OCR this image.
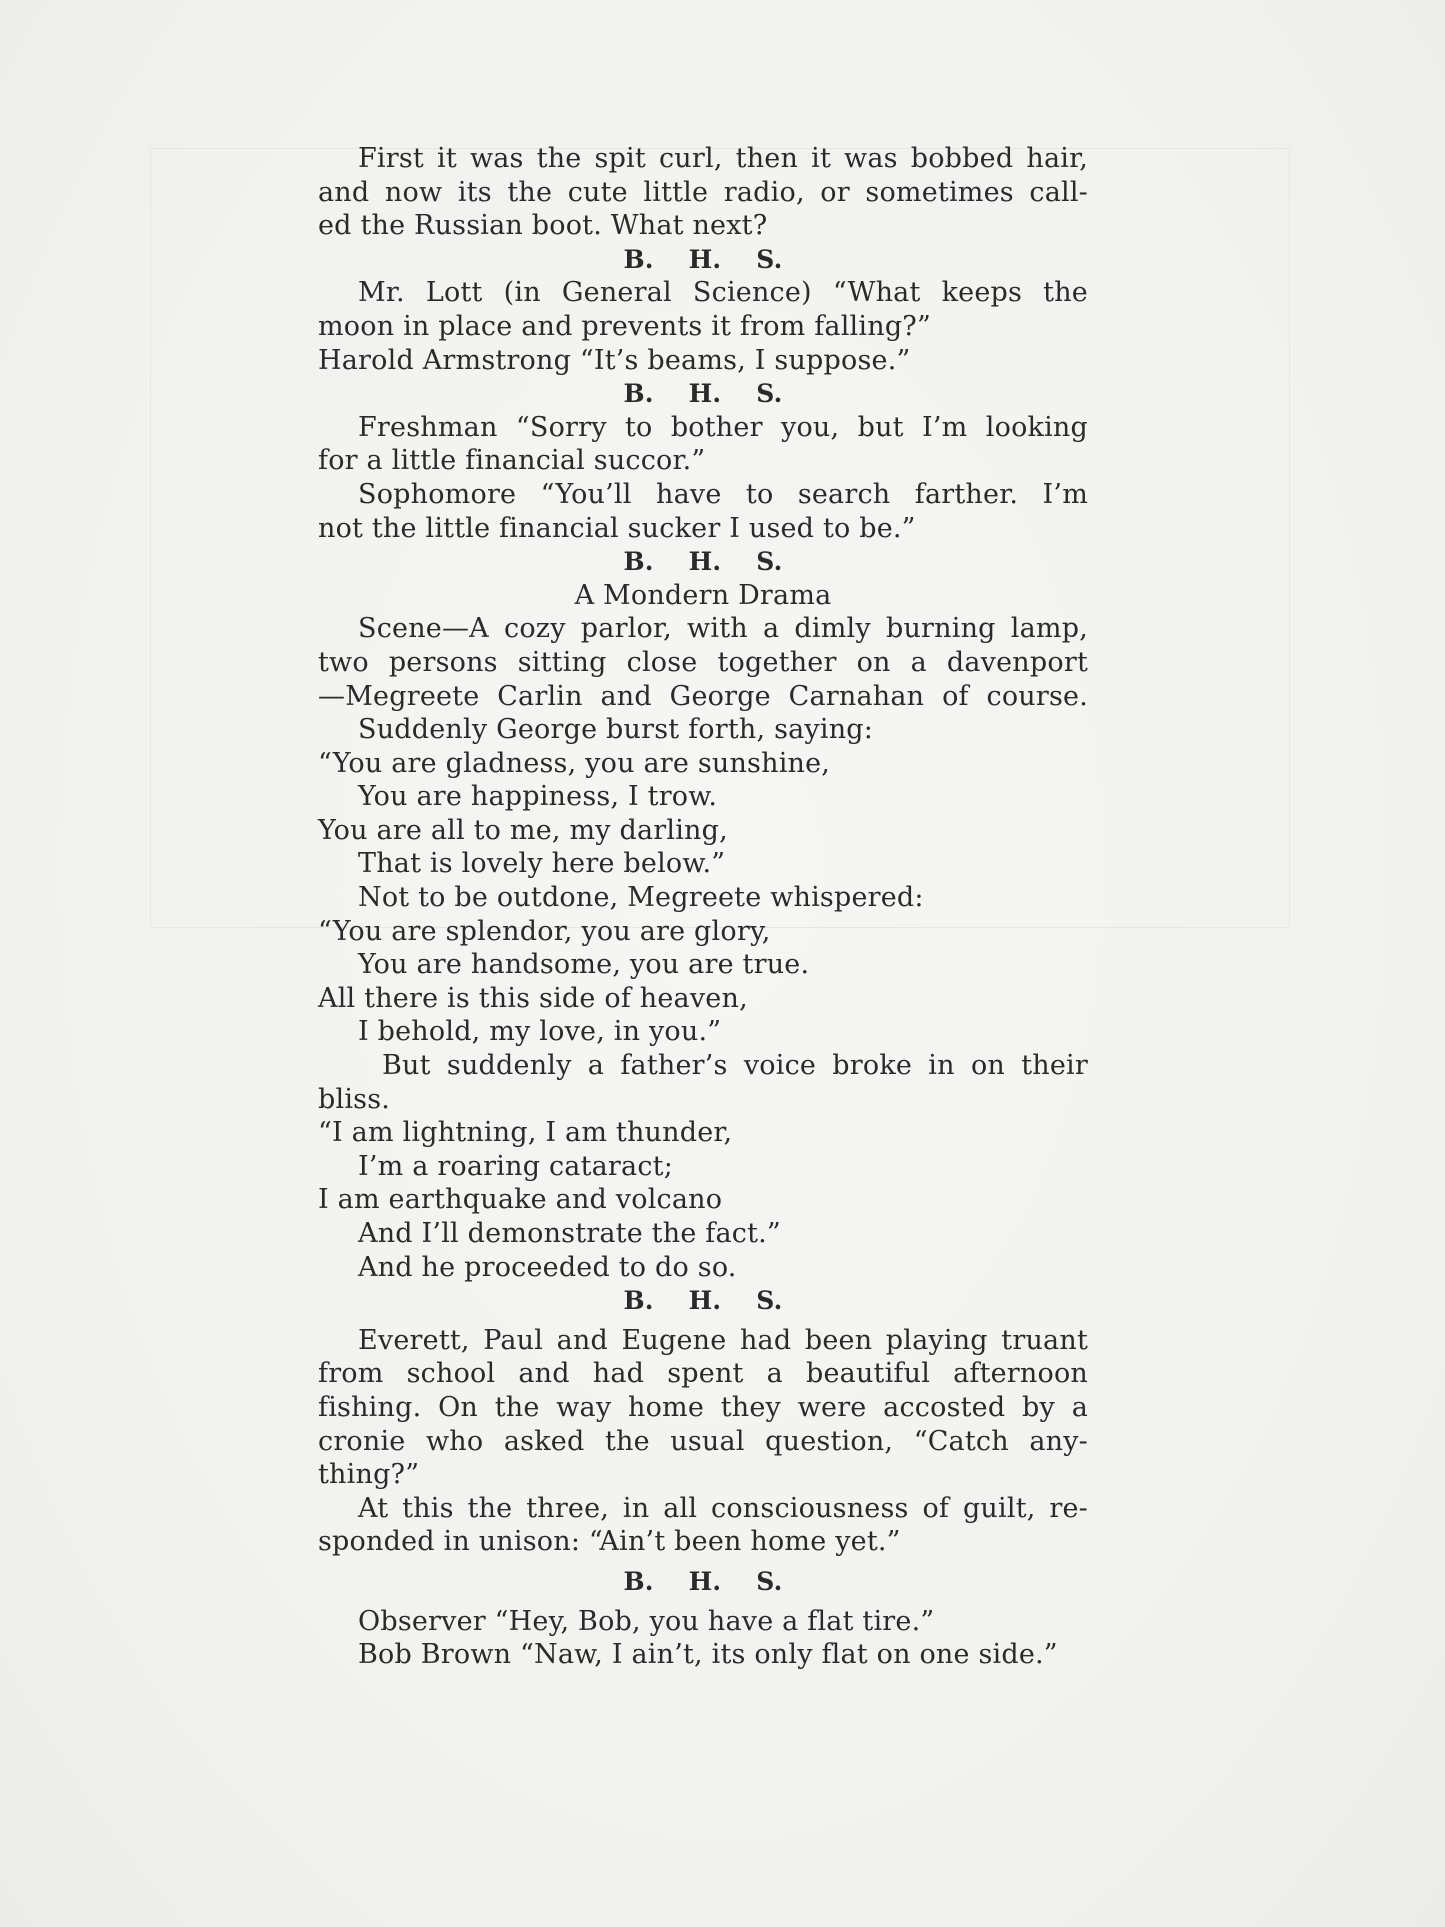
First it was the spit curl, then it was bobbed hair,
and now its the cute little radio, or sometimes call-
ed the Russian boot. What next?
B. H. S.
Mr. Lott (in General Science) “What keeps the
moon in place and prevents it from falling?”
Harold Armstrong “It’s beams, I suppose.”
B. H. S.
Freshman “Sorry to bother you, but I’m looking
for a little financial succor.”
Sophomore “You’ll have to search farther. I’m
not the little financial sucker I used to be.”
B. H. S.
A Mondern Drama
Scene—A cozy parlor, with a dimly burning lamp,
two persons sitting close together on a davenport
—Megreete Carlin and George Carnahan of course.
Suddenly George burst forth, saying:
“You are gladness, you are sunshine,
You are happiness, I trow.
You are all to me, my darling,
That is lovely here below.”
Not to be outdone, Megreete whispered:
“You are splendor, you are glory,
You are handsome, you are true.
All there is this side of heaven,
I behold, my love, in you.”
But suddenly a father’s voice broke in on their
bliss.
“I am lightning, I am thunder,
I’m a roaring cataract;
I am earthquake and volcano
And I’ll demonstrate the fact.”
And he proceeded to do so.
B. H. S.
Everett, Paul and Eugene had been playing truant
from school and had spent a beautiful afternoon
fishing. On the way home they were accosted by a
cronie who asked the usual question, “Catch any-
thing?”
At this the three, in all consciousness of guilt, re-
sponded in unison: “Ain’t been home yet.”
B. H. S.
Observer “Hey, Bob, you have a flat tire.”
Bob Brown “Naw, I ain’t, its only flat on one side.”
